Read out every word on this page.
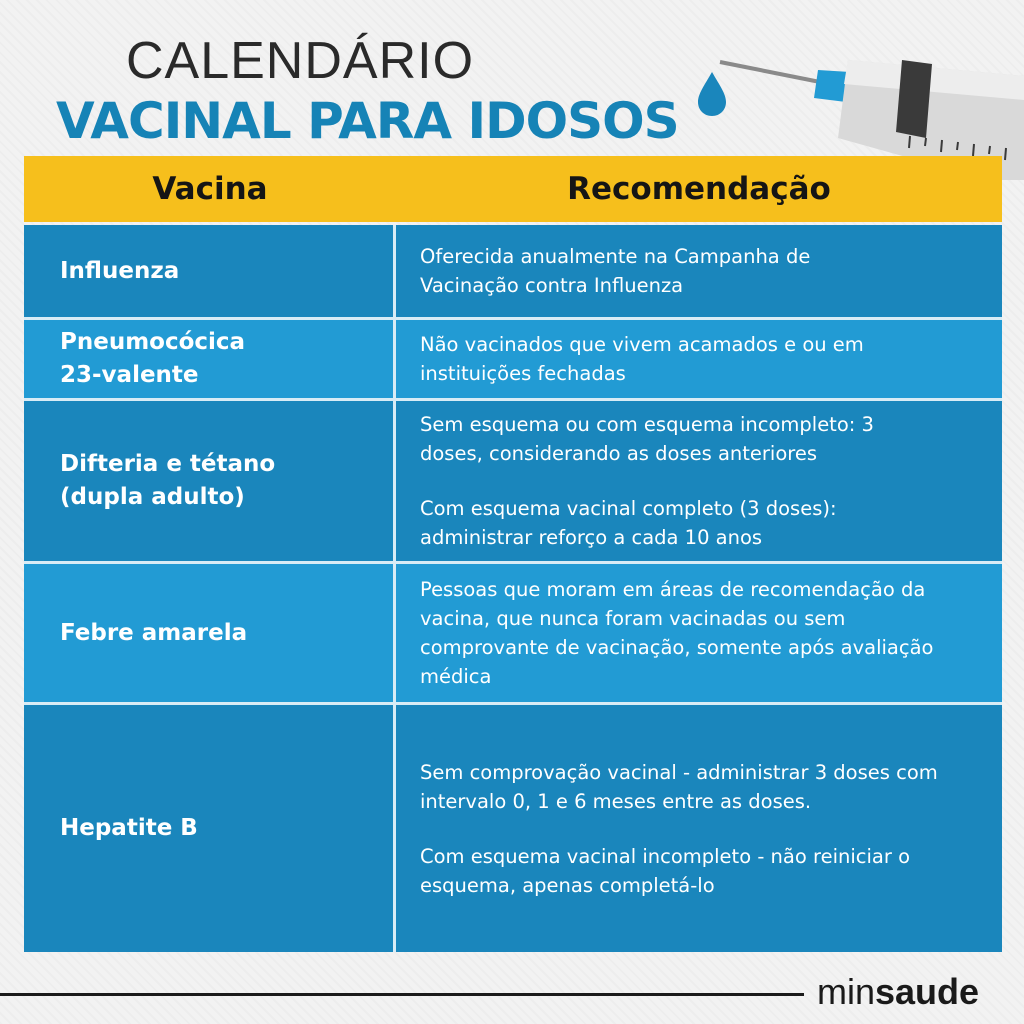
CALENDÁRIO
VACINAL PARA IDOSOS
Vacina	Recomendação
Influenza
Oferecida anualmente na Campanha de Vacinação contra Influenza
Pneumocócica
23-valente
Não vacinados que vivem acamados e ou em instituições fechadas
Difteria e tétano
(dupla adulto)
Sem esquema ou com esquema incompleto: 3 doses, considerando as doses anteriores
Com esquema vacinal completo (3 doses): administrar reforço a cada 10 anos
Febre amarela
Pessoas que moram em áreas de recomendação da vacina, que nunca foram vacinadas ou sem comprovante de vacinação, somente após avaliação médica
Hepatite B
Sem comprovação vacinal - administrar 3 doses com intervalo 0, 1 e 6 meses entre as doses.
Com esquema vacinal incompleto - não reiniciar o esquema, apenas completá-lo
minsaude
